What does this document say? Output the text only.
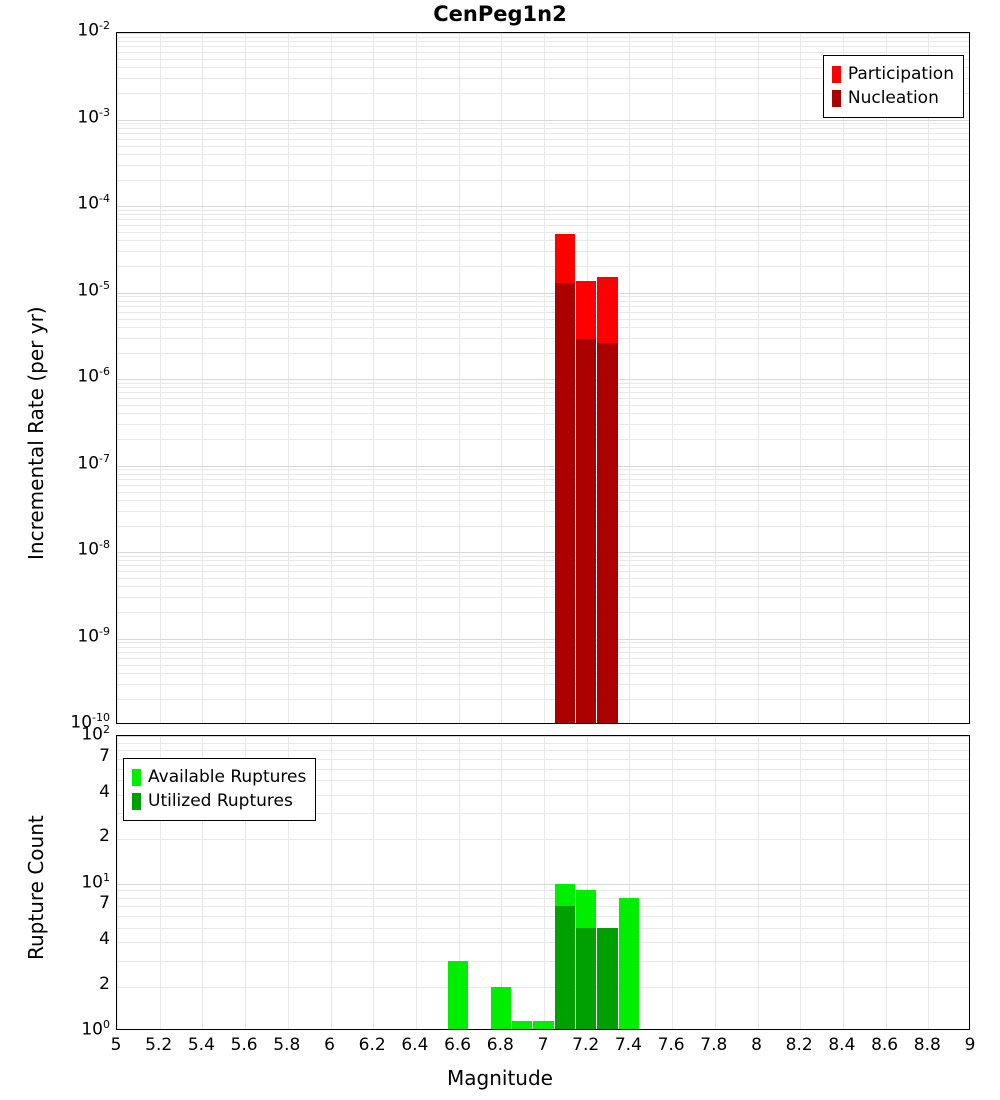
CenPeg1n2
Participation
Nucleation
$10^{-10}$
$10^{-9}$
$10^{-8}$
$10^{-7}$
$10^{-6}$
$10^{-5}$
$10^{-4}$
$10^{-3}$
$10^{-2}$
Incremental Rate (per yr)
Available Ruptures
Utilized Ruptures
$10^0$
2
4
7
$10^1$
2
4
7
$10^2$
Rupture Count
5 5.2 5.4 5.6 5.8 6 6.2 6.4 6.6 6.8 7 7.2 7.4 7.6 7.8 8 8.2 8.4 8.6 8.8 9
Magnitude
